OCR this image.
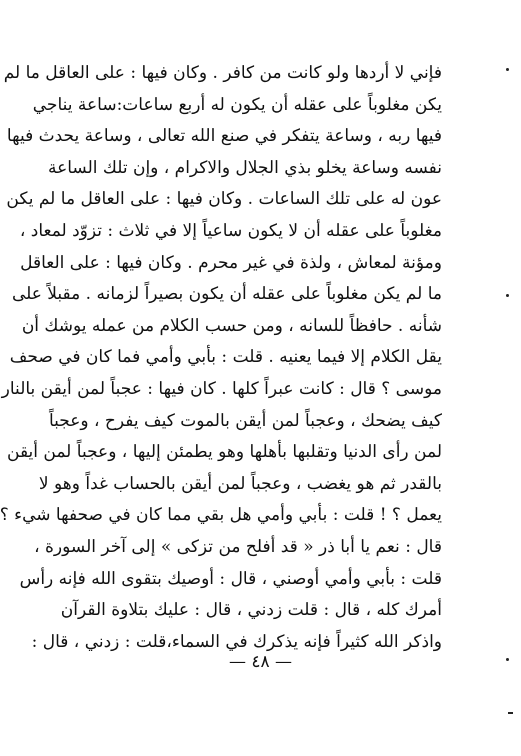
فإني لا أردها ولو كانت من كافر . وكان فيها : على العاقل ما لم
يكن مغلوباً على عقله أن يكون له أربع ساعات:ساعة يناجي
فيها ربه ، وساعة يتفكر في صنع الله تعالى ، وساعة يحدث فيها
نفسه وساعة يخلو بذي الجلال والاكرام ، وإن تلك الساعة
عون له على تلك الساعات . وكان فيها : على العاقل ما لم يكن
مغلوباً على عقله أن لا يكون ساعياً إلا في ثلاث : تزوّد لمعاد ،
ومؤنة لمعاش ، ولذة في غير محرم . وكان فيها : على العاقل
ما لم يكن مغلوباً على عقله أن يكون بصيراً لزمانه . مقبلاً على
شأنه . حافظاً للسانه ، ومن حسب الكلام من عمله يوشك أن
يقل الكلام إلا فيما يعنيه . قلت : بأبي وأمي فما كان في صحف
موسى ؟ قال : كانت عبراً كلها . كان فيها : عجباً لمن أيقن بالنار
كيف يضحك ، وعجباً لمن أيقن بالموت كيف يفرح ، وعجباً
لمن رأى الدنيا وتقلبها بأهلها وهو يطمئن إليها ، وعجباً لمن أيقن
بالقدر ثم هو يغضب ، وعجباً لمن أيقن بالحساب غداً وهو لا
يعمل ؟ ! قلت : بأبي وأمي هل بقي مما كان في صحفها شيء ؟
قال : نعم يا أبا ذر « قد أفلح من تزكى » إلى آخر السورة ،
قلت : بأبي وأمي أوصني ، قال : أوصيك بتقوى الله فإنه رأس
أمرك كله ، قال : قلت زدني ، قال : عليك بتلاوة القرآن
واذكر الله كثيراً فإنه يذكرك في السماء،قلت : زدني ، قال :
— ٤٨ —
